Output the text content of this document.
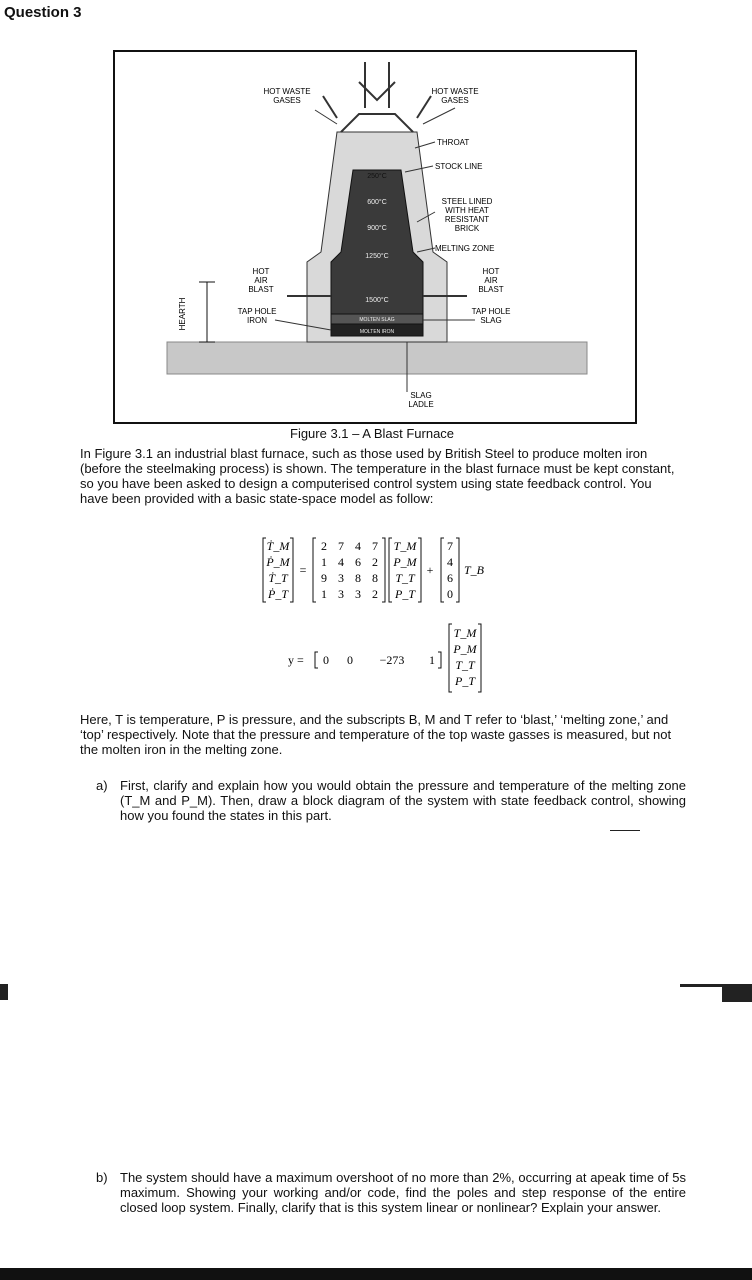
Question 3
HEARTH	MOLTEN SLAG
MOLTEN IRON
250°C
600°C
900°C
1250°C
1500°C
HOT WASTE GASES
HOT WASTE GASES
THROAT
STOCK LINE
STEEL LINED WITH HEAT RESISTANT BRICK
MELTING ZONE
HOT AIR BLAST
HOT AIR BLAST
TAP HOLE IRON
TAP HOLE SLAG
SLAG LADLE
Figure 3.1 – A Blast Furnace

In Figure 3.1 an industrial blast furnace, such as those used by British Steel to produce molten iron (before the steelmaking process) is shown. The temperature in the blast furnace must be kept constant, so you have been asked to design a computerised control system using state feedback control. You have been provided with a basic state-space model as follow:

Ṫ_M
Ṗ_M
Ṫ_T
Ṗ_T
=
2 7 4 7
1 4 6 2
9 3 8 8
1 3 3 2
T_M
P_M
T_T
P_T
+
7
4
6
0
T_B
y = 0 0 −273 1
T_M
P_M
T_T
P_T

Here, T is temperature, P is pressure, and the subscripts B, M and T refer to ‘blast,’ ‘melting zone,’ and ‘top’ respectively. Note that the pressure and temperature of the top waste gasses is measured, but not the molten iron in the melting zone.

a) First, clarify and explain how you would obtain the pressure and temperature of the melting zone (T_M and P_M). Then, draw a block diagram of the system with state feedback control, showing how you found the states in this part.
b) The system should have a maximum overshoot of no more than 2%, occurring at apeak time of 5s maximum. Showing your working and/or code, find the poles and step response of the entire closed loop system. Finally, clarify that is this system linear or nonlinear? Explain your answer.
